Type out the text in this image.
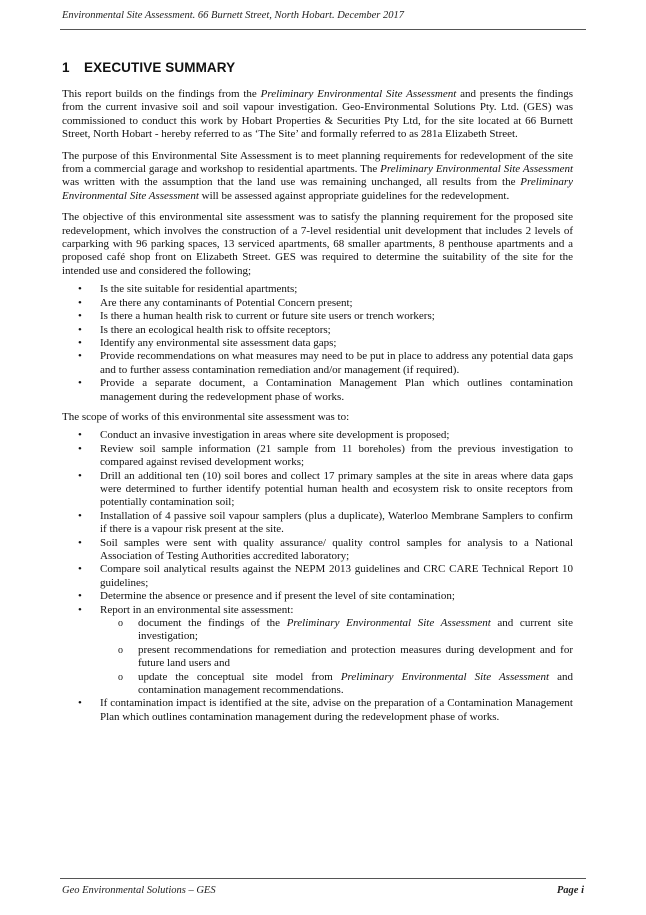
Environmental Site Assessment. 66 Burnett Street, North Hobart. December 2017
1 EXECUTIVE SUMMARY

This report builds on the findings from the Preliminary Environmental Site Assessment and presents the findings from the current invasive soil and soil vapour investigation. Geo-Environmental Solutions Pty. Ltd. (GES) was commissioned to conduct this work by Hobart Properties & Securities Pty Ltd, for the site located at 66 Burnett Street, North Hobart - hereby referred to as ‘The Site’ and formally referred to as 281a Elizabeth Street.

The purpose of this Environmental Site Assessment is to meet planning requirements for redevelopment of the site from a commercial garage and workshop to residential apartments. The Preliminary Environmental Site Assessment was written with the assumption that the land use was remaining unchanged, all results from the Preliminary Environmental Site Assessment will be assessed against appropriate guidelines for the redevelopment.

The objective of this environmental site assessment was to satisfy the planning requirement for the proposed site redevelopment, which involves the construction of a 7-level residential unit development that includes 2 levels of carparking with 96 parking spaces, 13 serviced apartments, 68 smaller apartments, 8 penthouse apartments and a proposed café shop front on Elizabeth Street. GES was required to determine the suitability of the site for the intended use and considered the following;

• Is the site suitable for residential apartments;
• Are there any contaminants of Potential Concern present;
• Is there a human health risk to current or future site users or trench workers;
• Is there an ecological health risk to offsite receptors;
• Identify any environmental site assessment data gaps;
• Provide recommendations on what measures may need to be put in place to address any potential data gaps and to further assess contamination remediation and/or management (if required).
• Provide a separate document, a Contamination Management Plan which outlines contamination management during the redevelopment phase of works.

The scope of works of this environmental site assessment was to:

• Conduct an invasive investigation in areas where site development is proposed;
• Review soil sample information (21 sample from 11 boreholes) from the previous investigation to compared against revised development works;
• Drill an additional ten (10) soil bores and collect 17 primary samples at the site in areas where data gaps were determined to further identify potential human health and ecosystem risk to onsite receptors from potentially contamination soil;
• Installation of 4 passive soil vapour samplers (plus a duplicate), Waterloo Membrane Samplers to confirm if there is a vapour risk present at the site.
• Soil samples were sent with quality assurance/ quality control samples for analysis to a National Association of Testing Authorities accredited laboratory;
• Compare soil analytical results against the NEPM 2013 guidelines and CRC CARE Technical Report 10 guidelines;
• Determine the absence or presence and if present the level of site contamination;
• Report in an environmental site assessment:
o document the findings of the Preliminary Environmental Site Assessment and current site investigation;
o present recommendations for remediation and protection measures during development and for future land users and
o update the conceptual site model from Preliminary Environmental Site Assessment and contamination management recommendations.
• If contamination impact is identified at the site, advise on the preparation of a Contamination Management Plan which outlines contamination management during the redevelopment phase of works.
Geo Environmental Solutions – GES	Page i
